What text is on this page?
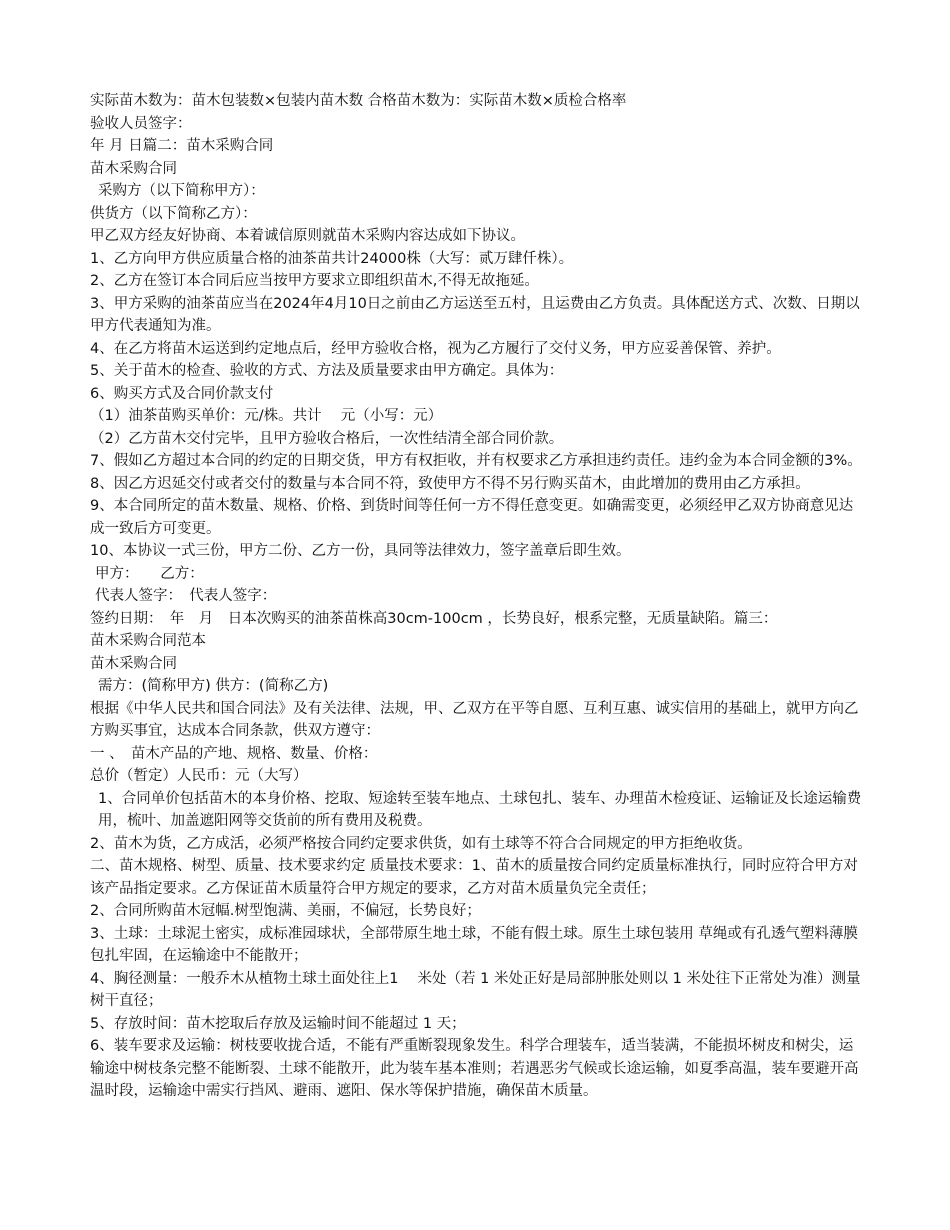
实际苗木数为：苗木包装数×包装内苗木数 合格苗木数为：实际苗木数×质检合格率
验收人员签字：
年 月 日篇二：苗木采购合同
苗木采购合同
采购方（以下简称甲方）：
供货方（以下简称乙方）：
甲乙双方经友好协商、本着诚信原则就苗木采购内容达成如下协议。
1、乙方向甲方供应质量合格的油茶苗共计24000株（大写：贰万肆仟株）。
2、乙方在签订本合同后应当按甲方要求立即组织苗木,不得无故拖延。
3、甲方采购的油茶苗应当在2024年4月10日之前由乙方运送至五村，且运费由乙方负责。具体配送方式、次数、日期以甲方代表通知为准。
4、在乙方将苗木运送到约定地点后，经甲方验收合格，视为乙方履行了交付义务，甲方应妥善保管、养护。
5、关于苗木的检查、验收的方式、方法及质量要求由甲方确定。具体为：
6、购买方式及合同价款支付
（1）油茶苗购买单价：元/株。共计　 元（小写：元）
（2）乙方苗木交付完毕，且甲方验收合格后，一次性结清全部合同价款。
7、假如乙方超过本合同的约定的日期交货，甲方有权拒收，并有权要求乙方承担违约责任。违约金为本合同金额的3%。
8、因乙方迟延交付或者交付的数量与本合同不符，致使甲方不得不另行购买苗木，由此增加的费用由乙方承担。
9、本合同所定的苗木数量、规格、价格、到货时间等任何一方不得任意变更。如确需变更，必须经甲乙双方协商意见达成一致后方可变更。
10、本协议一式三份，甲方二份、乙方一份，具同等法律效力，签字盖章后即生效。
甲方：　　乙方：
代表人签字：　代表人签字：
签约日期：　年　月　日本次购买的油茶苗株高30cm-100cm ，长势良好，根系完整，无质量缺陷。篇三：
苗木采购合同范本
苗木采购合同
需方：(简称甲方) 供方：(简称乙方)
根据《中华人民共和国合同法》及有关法律、法规，甲、乙双方在平等自愿、互利互惠、诚实信用的基础上，就甲方向乙方购买事宜，达成本合同条款，供双方遵守：
一 、　苗木产品的产地、规格、数量、价格：
总价（暂定）人民币：元（大写）
1、合同单价包括苗木的本身价格、挖取、短途转至装车地点、土球包扎、装车、办理苗木检疫证、运输证及长途运输费用，梳叶、加盖遮阳网等交货前的所有费用及税费。
2、苗木为货，乙方成活，必须严格按合同约定要求供货，如有土球等不符合合同规定的甲方拒绝收货。
二、苗木规格、树型、质量、技术要求约定 质量技术要求：1、苗木的质量按合同约定质量标准执行，同时应符合甲方对该产品指定要求。乙方保证苗木质量符合甲方规定的要求，乙方对苗木质量负完全责任；
2、合同所购苗木冠幅.树型饱满、美丽，不偏冠，长势良好；
3、土球：土球泥土密实，成标准园球状，全部带原生地土球，不能有假土球。原生土球包装用 草绳或有孔透气塑料薄膜 包扎牢固，在运输途中不能散开；
4、胸径测量：一般乔木从植物土球土面处往上1　 米处（若 1 米处正好是局部肿胀处则以 1 米处往下正常处为准）测量树干直径；
5、存放时间：苗木挖取后存放及运输时间不能超过 1 天；
6、装车要求及运输：树枝要收拢合适，不能有严重断裂现象发生。科学合理装车，适当装满，不能损坏树皮和树尖，运输途中树枝条完整不能断裂、土球不能散开，此为装车基本准则；若遇恶劣气候或长途运输，如夏季高温，装车要避开高温时段，运输途中需实行挡风、避雨、遮阳、保水等保护措施，确保苗木质量。
